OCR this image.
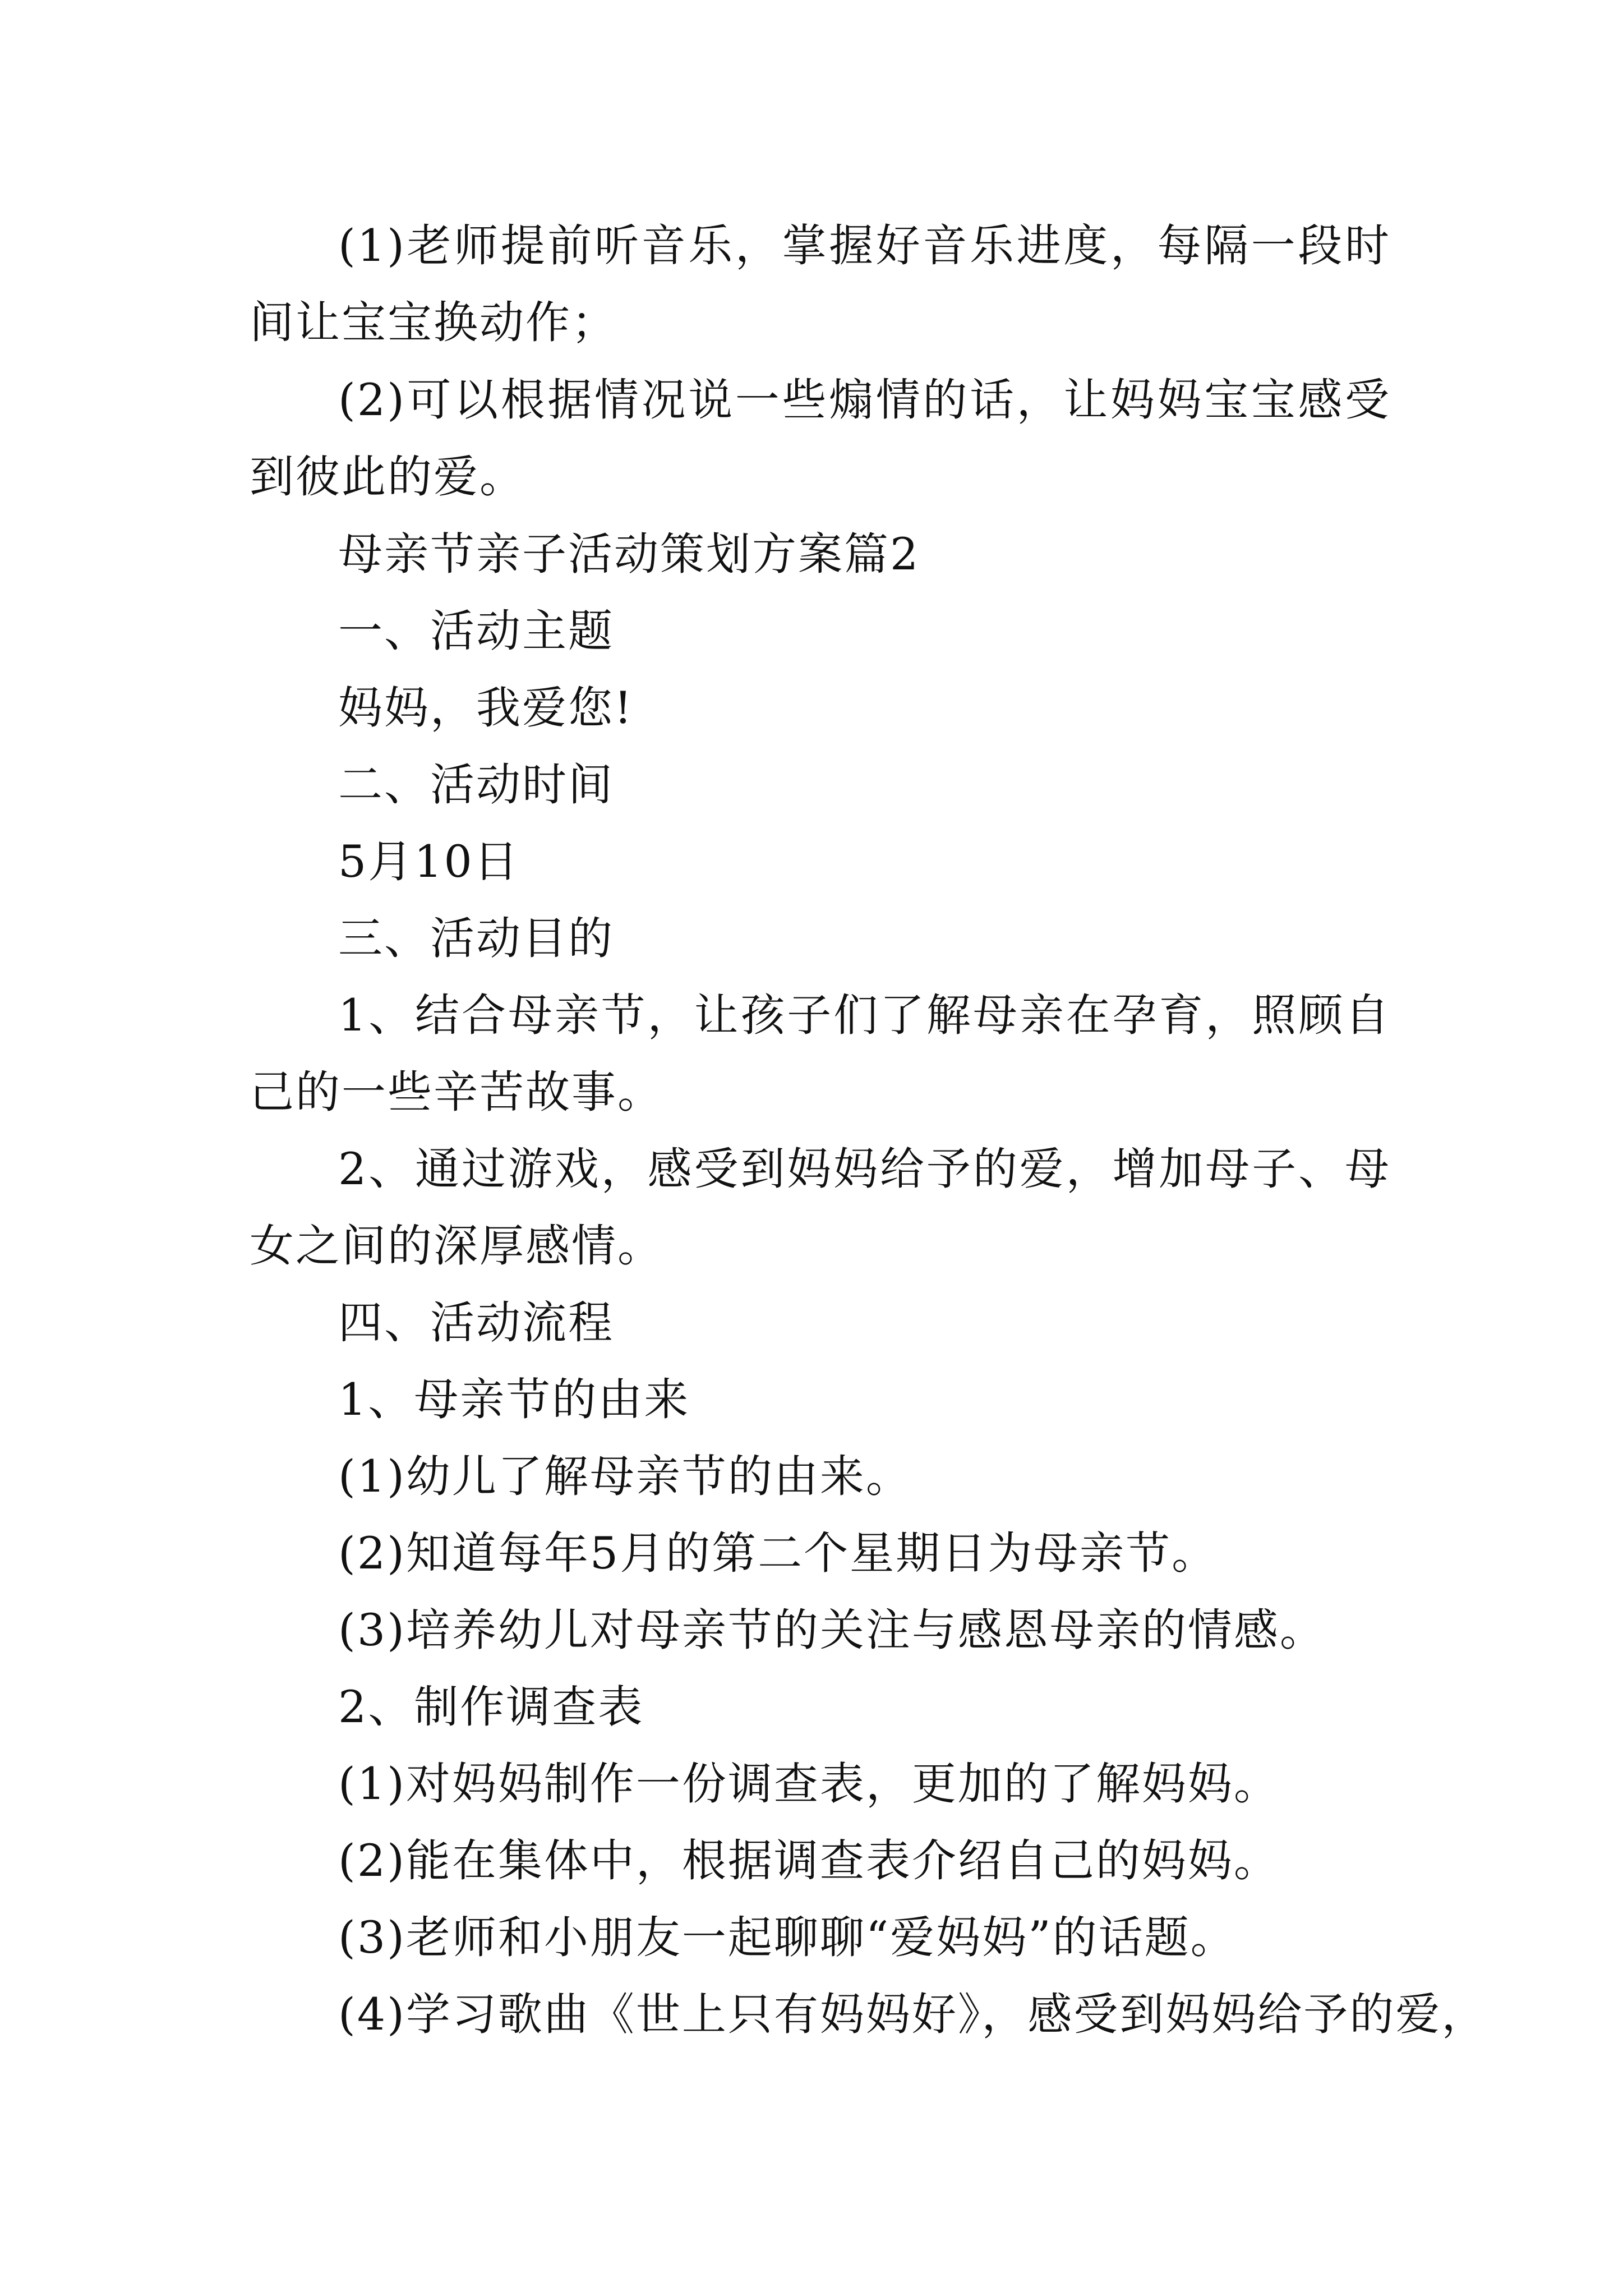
(1)老师提前听音乐，掌握好音乐进度，每隔一段时间让宝宝换动作；

(2)可以根据情况说一些煽情的话，让妈妈宝宝感受到彼此的爱。

母亲节亲子活动策划方案篇2

一、活动主题

妈妈，我爱您!

二、活动时间

5月10日

三、活动目的

1、结合母亲节，让孩子们了解母亲在孕育，照顾自己的一些辛苦故事。

2、通过游戏，感受到妈妈给予的爱，增加母子、母女之间的深厚感情。

四、活动流程

1、母亲节的由来

(1)幼儿了解母亲节的由来。

(2)知道每年5月的第二个星期日为母亲节。

(3)培养幼儿对母亲节的关注与感恩母亲的情感。

2、制作调查表

(1)对妈妈制作一份调查表，更加的了解妈妈。

(2)能在集体中，根据调查表介绍自己的妈妈。

(3)老师和小朋友一起聊聊“爱妈妈”的话题。

(4)学习歌曲《世上只有妈妈好》，感受到妈妈给予的爱，
